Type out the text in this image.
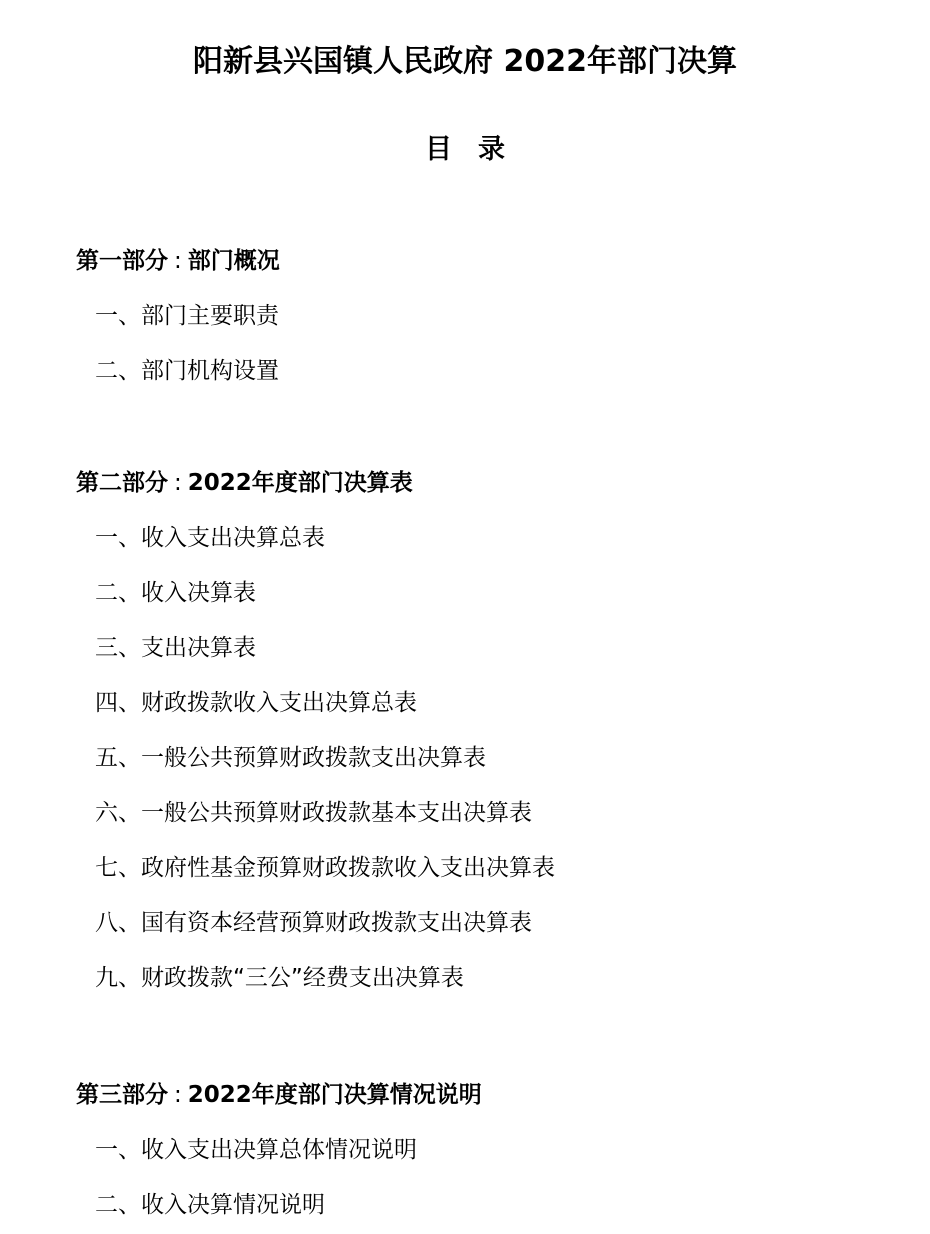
阳新县兴国镇人民政府 2022年部门决算
目录
第一部分 : 部门概况
一、部门主要职责
二、部门机构设置
第二部分 : 2022年度部门决算表
一、收入支出决算总表
二、收入决算表
三、支出决算表
四、财政拨款收入支出决算总表
五、一般公共预算财政拨款支出决算表
六、一般公共预算财政拨款基本支出决算表
七、政府性基金预算财政拨款收入支出决算表
八、国有资本经营预算财政拨款支出决算表
九、财政拨款“三公”经费支出决算表
第三部分 : 2022年度部门决算情况说明
一、收入支出决算总体情况说明
二、收入决算情况说明
